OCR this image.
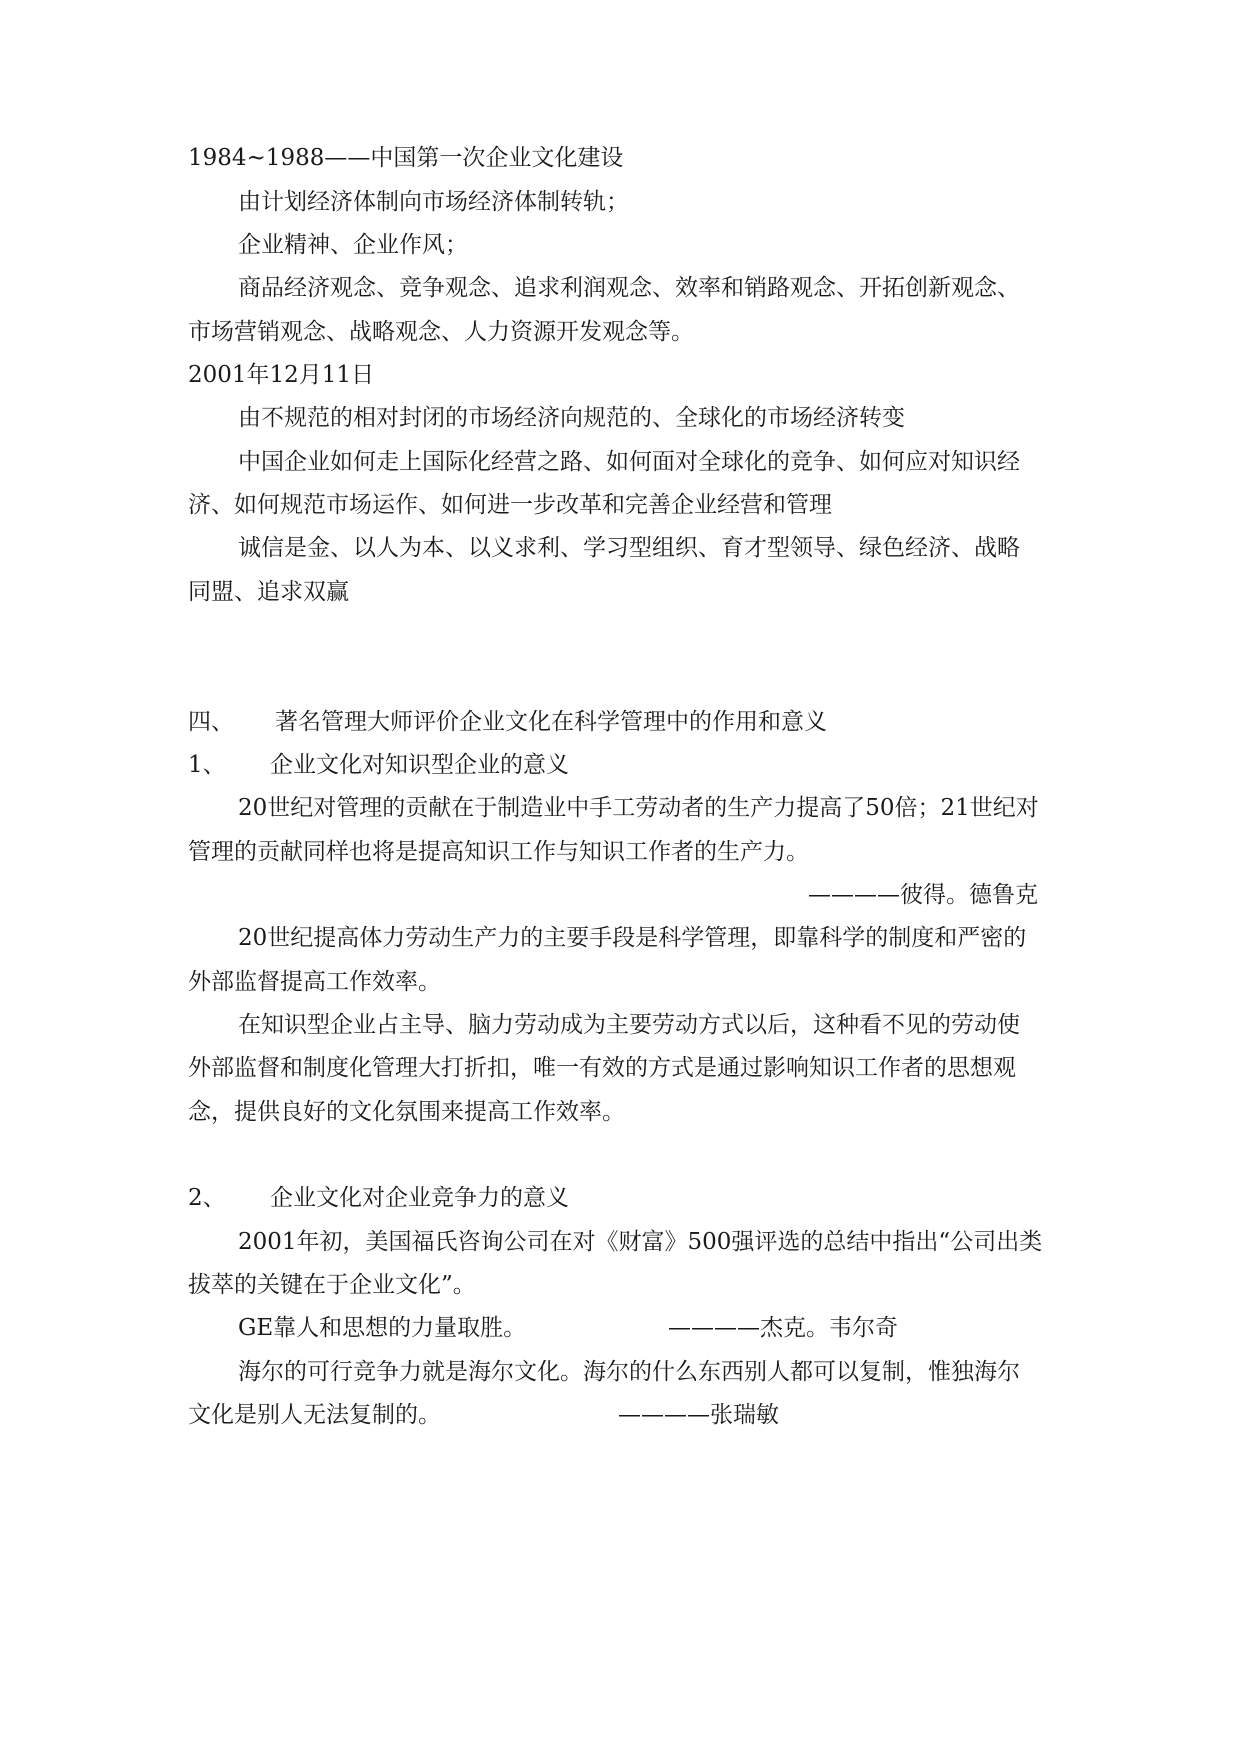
1984~1988——中国第一次企业文化建设
由计划经济体制向市场经济体制转轨；
企业精神、企业作风；
商品经济观念、竞争观念、追求利润观念、效率和销路观念、开拓创新观念、
市场营销观念、战略观念、人力资源开发观念等。
2001年12月11日
由不规范的相对封闭的市场经济向规范的、全球化的市场经济转变
中国企业如何走上国际化经营之路、如何面对全球化的竞争、如何应对知识经
济、如何规范市场运作、如何进一步改革和完善企业经营和管理
诚信是金、以人为本、以义求利、学习型组织、育才型领导、绿色经济、战略
同盟、追求双赢
四、 著名管理大师评价企业文化在科学管理中的作用和意义
1、 企业文化对知识型企业的意义
20世纪对管理的贡献在于制造业中手工劳动者的生产力提高了50倍；21世纪对
管理的贡献同样也将是提高知识工作与知识工作者的生产力。
————彼得。德鲁克
20世纪提高体力劳动生产力的主要手段是科学管理，即靠科学的制度和严密的
外部监督提高工作效率。
在知识型企业占主导、脑力劳动成为主要劳动方式以后，这种看不见的劳动使
外部监督和制度化管理大打折扣，唯一有效的方式是通过影响知识工作者的思想观
念，提供良好的文化氛围来提高工作效率。
2、 企业文化对企业竞争力的意义
2001年初，美国福氏咨询公司在对《财富》500强评选的总结中指出“公司出类
拔萃的关键在于企业文化”。
GE靠人和思想的力量取胜。	————杰克。韦尔奇
海尔的可行竞争力就是海尔文化。海尔的什么东西别人都可以复制，惟独海尔
文化是别人无法复制的。	————张瑞敏
